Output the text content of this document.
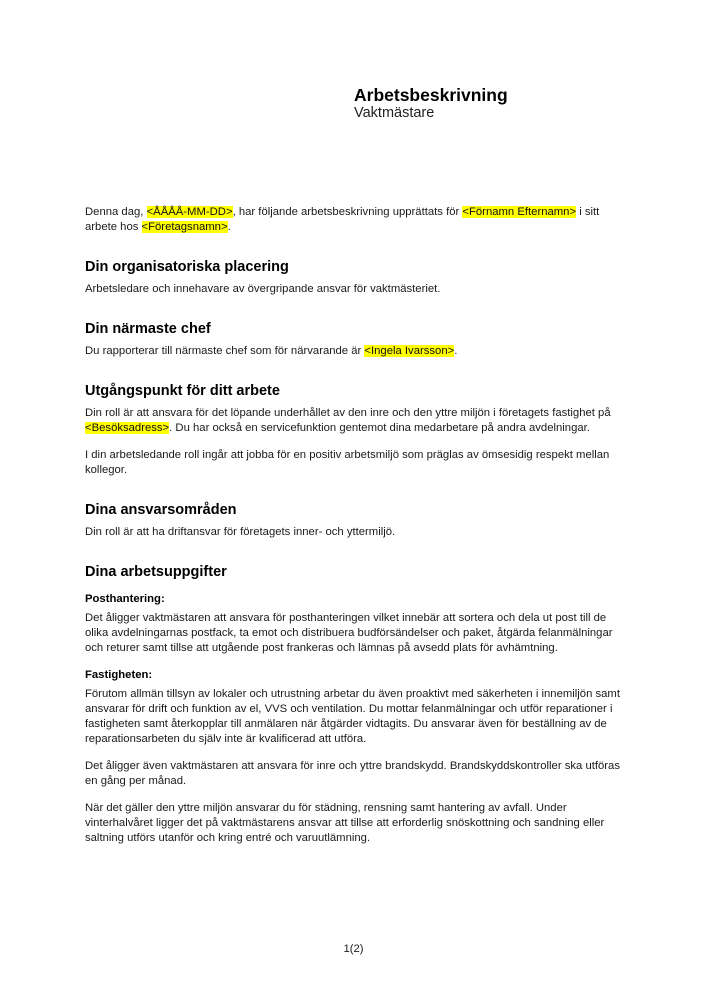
Arbetsbeskrivning
Vaktmästare

Denna dag, <ÅÅÅÅ-MM-DD>, har följande arbetsbeskrivning upprättats för <Förnamn Efternamn> i sitt arbete hos <Företagsnamn>.

Din organisatoriska placering

Arbetsledare och innehavare av övergripande ansvar för vaktmästeriet.

Din närmaste chef

Du rapporterar till närmaste chef som för närvarande är <Ingela Ivarsson>.

Utgångspunkt för ditt arbete

Din roll är att ansvara för det löpande underhållet av den inre och den yttre miljön i företagets fastighet på <Besöksadress>. Du har också en servicefunktion gentemot dina medarbetare på andra avdelningar.

I din arbetsledande roll ingår att jobba för en positiv arbetsmiljö som präglas av ömsesidig respekt mellan kollegor.

Dina ansvarsområden

Din roll är att ha driftansvar för företagets inner- och yttermiljö.

Dina arbetsuppgifter
Posthantering:

Det åligger vaktmästaren att ansvara för posthanteringen vilket innebär att sortera och dela ut post till de olika avdelningarnas postfack, ta emot och distribuera budförsändelser och paket, åtgärda felanmälningar och returer samt tillse att utgående post frankeras och lämnas på avsedd plats för avhämtning.

Fastigheten:

Förutom allmän tillsyn av lokaler och utrustning arbetar du även proaktivt med säkerheten i innemiljön samt ansvarar för drift och funktion av el, VVS och ventilation. Du mottar felanmälningar och utför reparationer i fastigheten samt återkopplar till anmälaren när åtgärder vidtagits. Du ansvarar även för beställning av de reparationsarbeten du själv inte är kvalificerad att utföra.

Det åligger även vaktmästaren att ansvara för inre och yttre brandskydd. Brandskyddskontroller ska utföras en gång per månad.

När det gäller den yttre miljön ansvarar du för städning, rensning samt hantering av avfall. Under vinterhalvåret ligger det på vaktmästarens ansvar att tillse att erforderlig snöskottning och sandning eller saltning utförs utanför och kring entré och varuutlämning.

1(2)
